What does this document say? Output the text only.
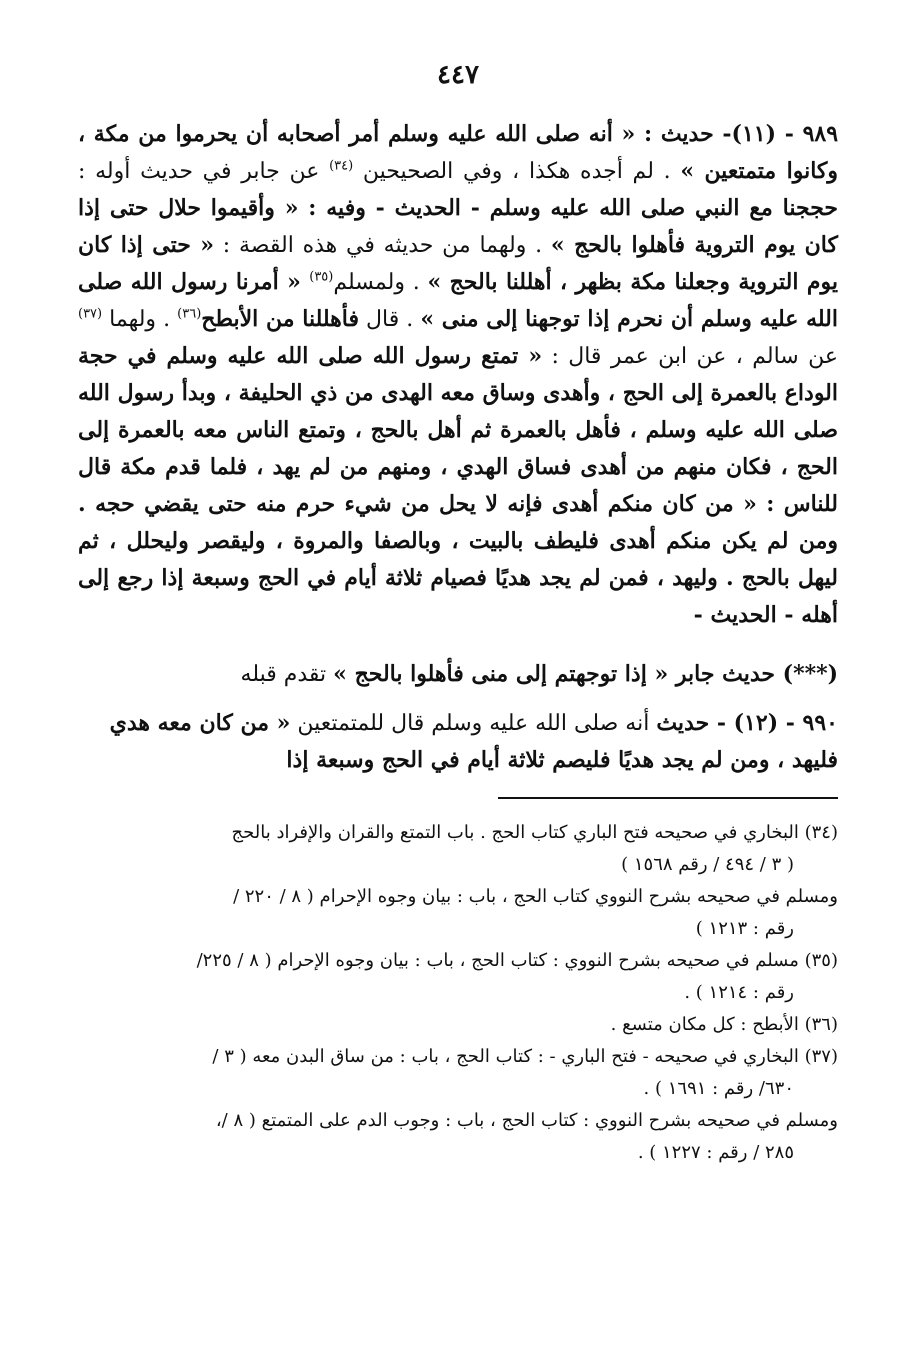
٤٤٧
٩٨٩ - (١١)- حديث : « أنه صلى الله عليه وسلم أمر أصحابه أن يحرموا من مكة ، وكانوا متمتعين » . لم أجده هكذا ، وفي الصحيحين $^{(٣٤)}$ عن جابر في حديث أوله : حججنا مع النبي صلى الله عليه وسلم - الحديث - وفيه : « وأقيموا حلال حتى إذا كان يوم التروية فأهلوا بالحج » . ولهما من حديثه في هذه القصة : « حتى إذا كان يوم التروية وجعلنا مكة بظهر ، أهللنا بالحج » . ولمسلم$^{(٣٥)}$ « أمرنا رسول الله صلى الله عليه وسلم أن نحرم إذا توجهنا إلى منى » . قال فأهللنا من الأبطح$^{(٣٦)}$ . ولهما $^{(٣٧)}$ عن سالم ، عن ابن عمر قال : « تمتع رسول الله صلى الله عليه وسلم في حجة الوداع بالعمرة إلى الحج ، وأهدى وساق معه الهدى من ذي الحليفة ، وبدأ رسول الله صلى الله عليه وسلم ، فأهل بالعمرة ثم أهل بالحج ، وتمتع الناس معه بالعمرة إلى الحج ، فكان منهم من أهدى فساق الهدي ، ومنهم من لم يهد ، فلما قدم مكة قال للناس : « من كان منكم أهدى فإنه لا يحل من شيء حرم منه حتى يقضي حجه . ومن لم يكن منكم أهدى فليطف بالبيت ، وبالصفا والمروة ، وليقصر وليحلل ، ثم ليهل بالحج . وليهد ، فمن لم يجد هديًا فصيام ثلاثة أيام في الحج وسبعة إذا رجع إلى أهله - الحديث -
(***) حديث جابر « إذا توجهتم إلى منى فأهلوا بالحج » تقدم قبله
٩٩٠ - (١٢) - حديث أنه صلى الله عليه وسلم قال للمتمتعين « من كان معه هدي فليهد ، ومن لم يجد هديًا فليصم ثلاثة أيام في الحج وسبعة إذا
(٣٤) البخاري في صحيحه فتح الباري كتاب الحج . باب التمتع والقران والإفراد بالحج
( ٣ / ٤٩٤ / رقم ١٥٦٨ )
ومسلم في صحيحه بشرح النووي كتاب الحج ، باب : بيان وجوه الإحرام ( ٨ / ٢٢٠ /
رقم : ١٢١٣ )
(٣٥) مسلم في صحيحه بشرح النووي : كتاب الحج ، باب : بيان وجوه الإحرام ( ٨ / ٢٢٥/
رقم : ١٢١٤ ) .
(٣٦) الأبطح : كل مكان متسع .
(٣٧) البخاري في صحيحه - فتح الباري - : كتاب الحج ، باب : من ساق البدن معه ( ٣ /
٦٣٠/ رقم : ١٦٩١ ) .
ومسلم في صحيحه بشرح النووي : كتاب الحج ، باب : وجوب الدم على المتمتع ( ٨ /،
٢٨٥ / رقم : ١٢٢٧ ) .
